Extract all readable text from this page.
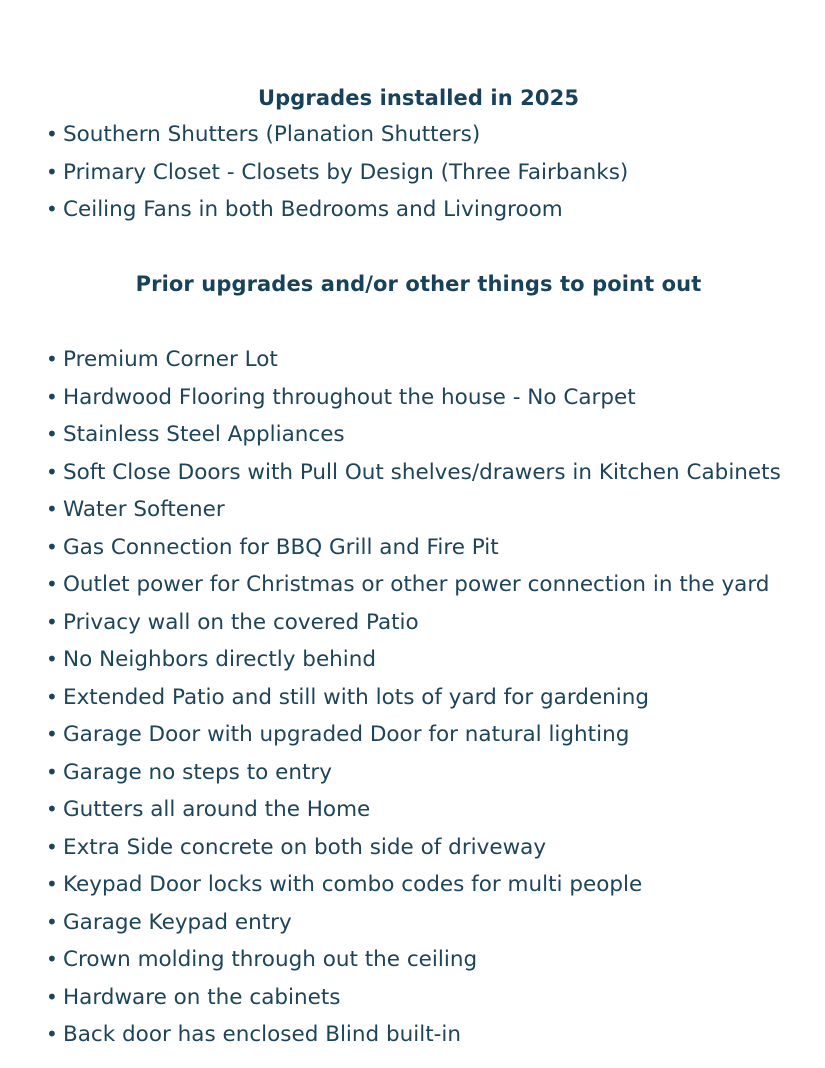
Upgrades installed in 2025
• Southern Shutters (Planation Shutters)
• Primary Closet - Closets by Design (Three Fairbanks)
• Ceiling Fans in both Bedrooms and Livingroom
Prior upgrades and/or other things to point out
• Premium Corner Lot
• Hardwood Flooring throughout the house - No Carpet
• Stainless Steel Appliances
• Soft Close Doors with Pull Out shelves/drawers in Kitchen Cabinets
• Water Softener
• Gas Connection for BBQ Grill and Fire Pit
• Outlet power for Christmas or other power connection in the yard
• Privacy wall on the covered Patio
• No Neighbors directly behind
• Extended Patio and still with lots of yard for gardening
• Garage Door with upgraded Door for natural lighting
• Garage no steps to entry
• Gutters all around the Home
• Extra Side concrete on both side of driveway
• Keypad Door locks with combo codes for multi people
• Garage Keypad entry
• Crown molding through out the ceiling
• Hardware on the cabinets
• Back door has enclosed Blind built-in
